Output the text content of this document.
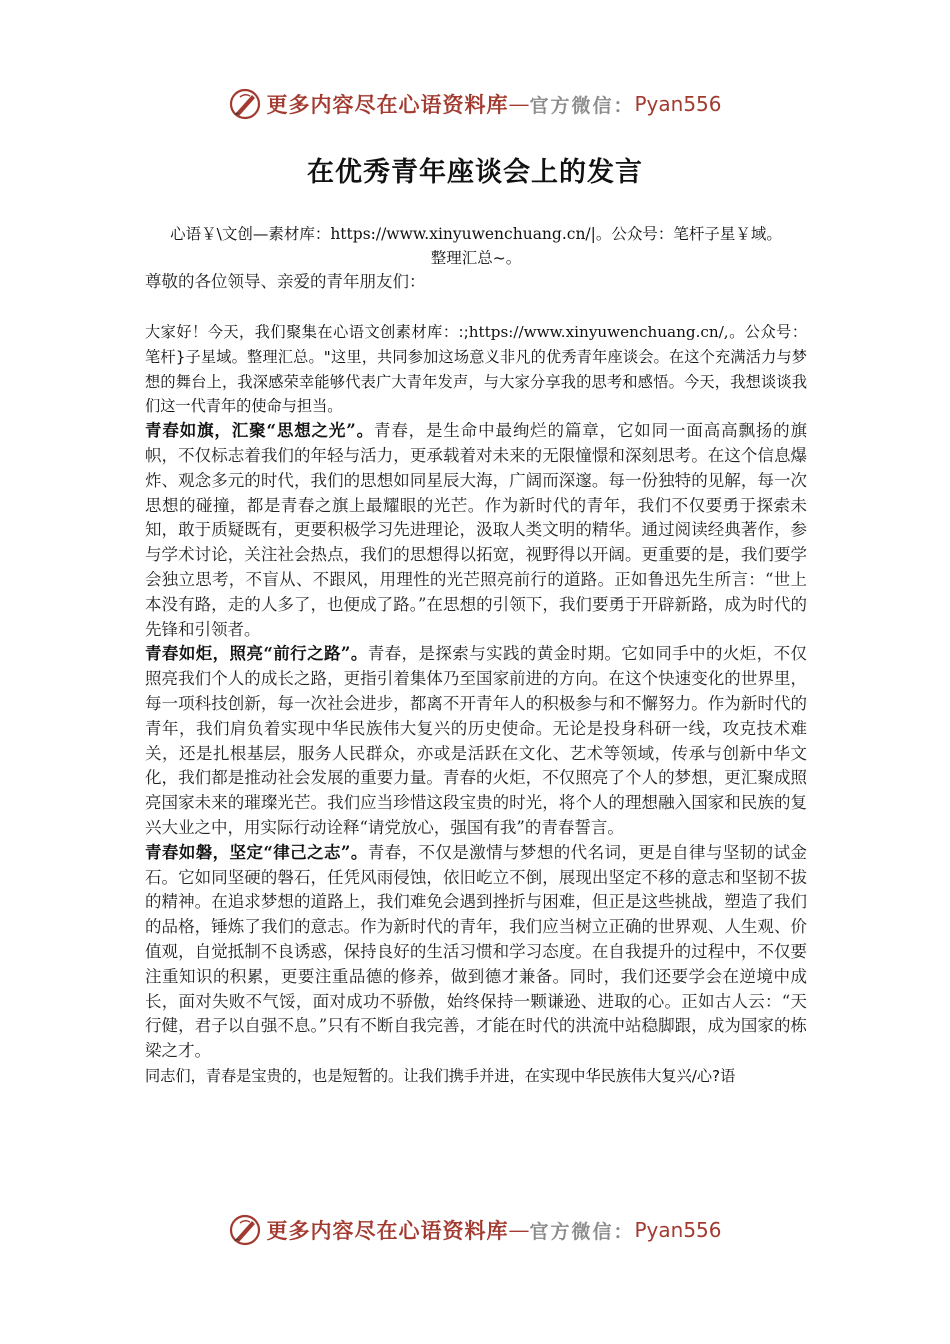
更多内容尽在心语资料库 — 官方微信： Pyan556
在优秀青年座谈会上的发言
心语￥\文创—素材库：https://www.xinyuwenchuang.cn/|。公众号：笔杆子星￥域。
整理汇总~。
尊敬的各位领导、亲爱的青年朋友们：

大家好！今天，我们聚集在心语文创素材库：:;https://www.xinyuwenchuang.cn/,。公众号：笔杆}子星域。整理汇总。"这里，共同参加这场意义非凡的优秀青年座谈会。在这个充满活力与梦想的舞台上，我深感荣幸能够代表广大青年发声，与大家分享我的思考和感悟。今天，我想谈谈我们这一代青年的使命与担当。

青春如旗，汇聚“思想之光”。青春，是生命中最绚烂的篇章，它如同一面高高飘扬的旗帜，不仅标志着我们的年轻与活力，更承载着对未来的无限憧憬和深刻思考。在这个信息爆炸、观念多元的时代，我们的思想如同星辰大海，广阔而深邃。每一份独特的见解，每一次思想的碰撞，都是青春之旗上最耀眼的光芒。作为新时代的青年，我们不仅要勇于探索未知，敢于质疑既有，更要积极学习先进理论，汲取人类文明的精华。通过阅读经典著作，参与学术讨论，关注社会热点，我们的思想得以拓宽，视野得以开阔。更重要的是，我们要学会独立思考，不盲从、不跟风，用理性的光芒照亮前行的道路。正如鲁迅先生所言：“世上本没有路，走的人多了，也便成了路。”在思想的引领下，我们要勇于开辟新路，成为时代的先锋和引领者。

青春如炬，照亮“前行之路”。青春，是探索与实践的黄金时期。它如同手中的火炬，不仅照亮我们个人的成长之路，更指引着集体乃至国家前进的方向。在这个快速变化的世界里，每一项科技创新，每一次社会进步，都离不开青年人的积极参与和不懈努力。作为新时代的青年，我们肩负着实现中华民族伟大复兴的历史使命。无论是投身科研一线，攻克技术难关，还是扎根基层，服务人民群众，亦或是活跃在文化、艺术等领域，传承与创新中华文化，我们都是推动社会发展的重要力量。青春的火炬，不仅照亮了个人的梦想，更汇聚成照亮国家未来的璀璨光芒。我们应当珍惜这段宝贵的时光，将个人的理想融入国家和民族的复兴大业之中，用实际行动诠释“请党放心，强国有我”的青春誓言。

青春如磐，坚定“律己之志”。青春，不仅是激情与梦想的代名词，更是自律与坚韧的试金石。它如同坚硬的磐石，任凭风雨侵蚀，依旧屹立不倒，展现出坚定不移的意志和坚韧不拔的精神。在追求梦想的道路上，我们难免会遇到挫折与困难，但正是这些挑战，塑造了我们的品格，锤炼了我们的意志。作为新时代的青年，我们应当树立正确的世界观、人生观、价值观，自觉抵制不良诱惑，保持良好的生活习惯和学习态度。在自我提升的过程中，不仅要注重知识的积累，更要注重品德的修养，做到德才兼备。同时，我们还要学会在逆境中成长，面对失败不气馁，面对成功不骄傲，始终保持一颗谦逊、进取的心。正如古人云：“天行健，君子以自强不息。”只有不断自我完善，才能在时代的洪流中站稳脚跟，成为国家的栋梁之才。

同志们，青春是宝贵的，也是短暂的。让我们携手并进，在实现中华民族伟大复兴/心?语

更多内容尽在心语资料库 — 官方微信： Pyan556
